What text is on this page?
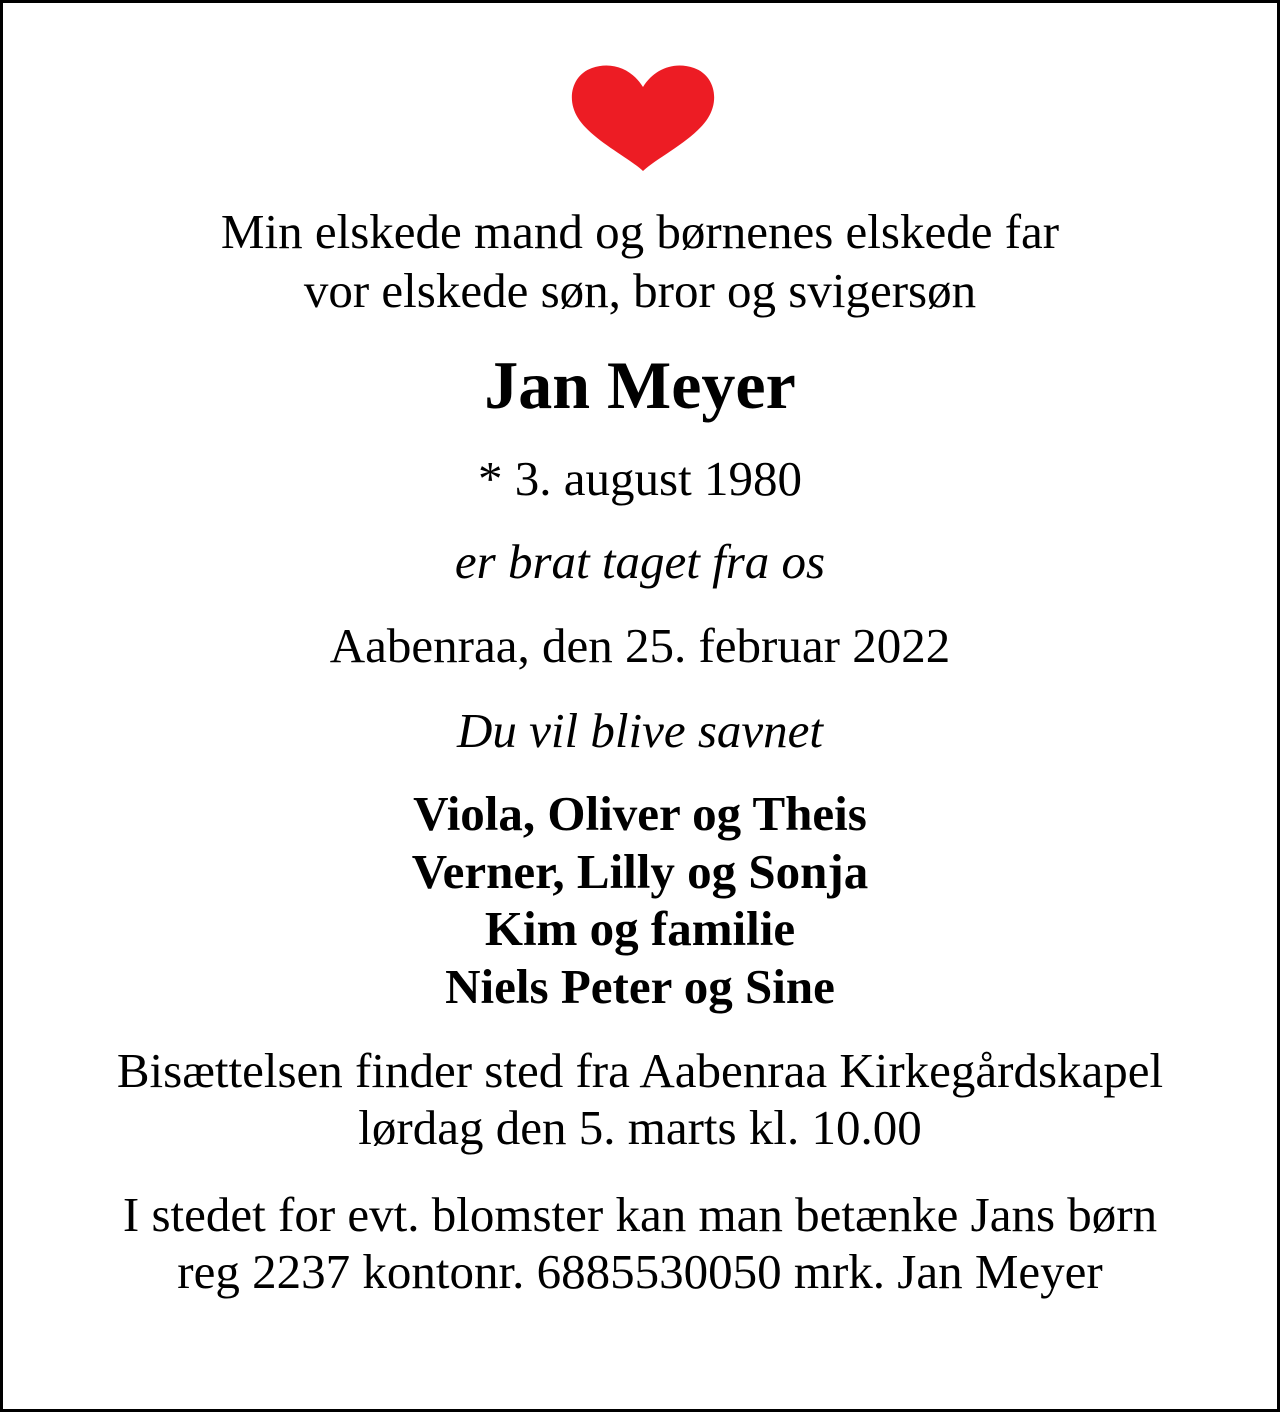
Min elskede mand og børnenes elskede far
vor elskede søn, bror og svigersøn
Jan Meyer
* 3. august 1980
er brat taget fra os
Aabenraa, den 25. februar 2022
Du vil blive savnet
Viola, Oliver og Theis
Verner, Lilly og Sonja
Kim og familie
Niels Peter og Sine
Bisættelsen finder sted fra Aabenraa Kirkegårdskapel
lørdag den 5. marts kl. 10.00
I stedet for evt. blomster kan man betænke Jans børn
reg 2237 kontonr. 6885530050 mrk. Jan Meyer
